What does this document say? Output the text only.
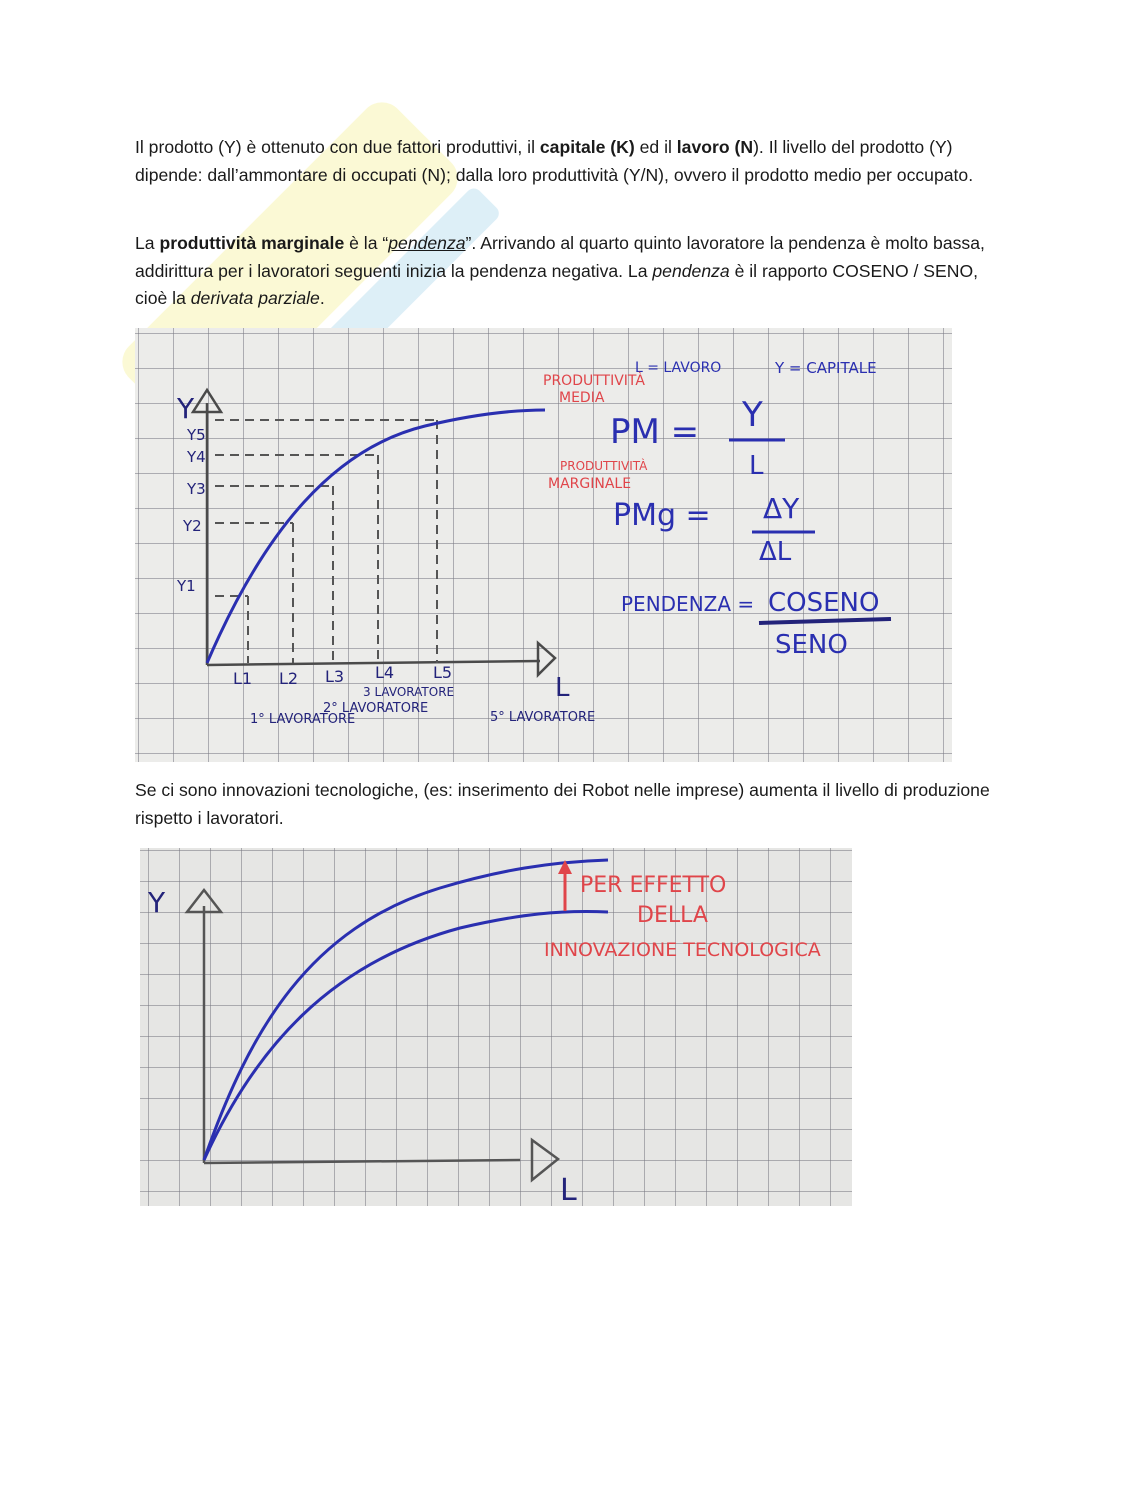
Il prodotto (Y) è ottenuto con due fattori produttivi, il capitale (K) ed il lavoro (N). Il livello del prodotto (Y) dipende: dall’ammontare di occupati (N); dalla loro produttività (Y/N), ovvero il prodotto medio per occupato.

La produttività marginale è la “pendenza”. Arrivando al quarto quinto lavoratore la pendenza è molto bassa, addirittura per i lavoratori seguenti inizia la pendenza negativa. La pendenza è il rapporto COSENO / SENO, cioè la derivata parziale.

Y
Y5
Y4
Y3
Y2
Y1
L
L1 L2 L3 L4 L5
1° LAVORATORE
2° LAVORATORE
3 LAVORATORE
5° LAVORATORE
L = LAVORO	Y = CAPITALE
PRODUTTIVITÀ
MEDIA
PM = Y
L
PRODUTTIVITÀ
MARGINALE
PMg = ΔY
ΔL
PENDENZA = COSENO
SENO

Se ci sono innovazioni tecnologiche, (es: inserimento dei Robot nelle imprese) aumenta il livello di produzione rispetto i lavoratori.

Y
L
PER EFFETTO
DELLA
INNOVAZIONE TECNOLOGICA
